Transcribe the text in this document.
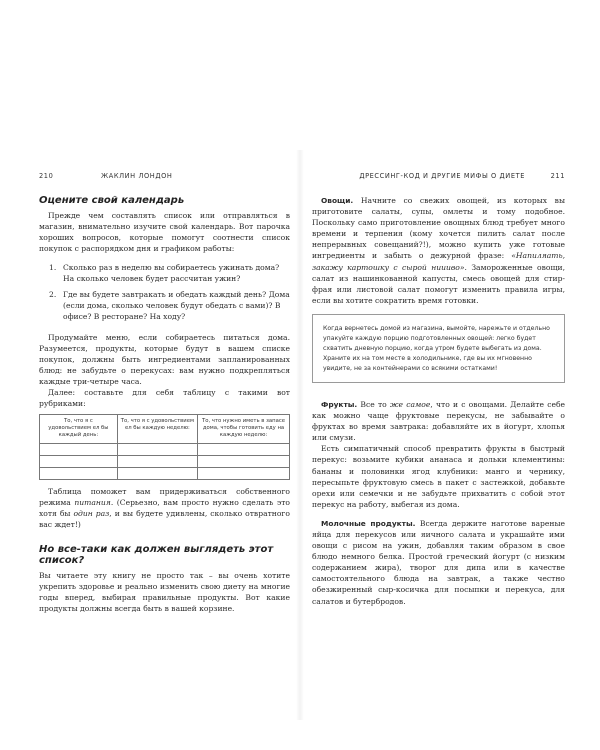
210	ЖАКЛИН ЛОНДОН
Оцените свой календарь

Прежде чем составлять список или отправляться в магазин, внимательно изучите свой календарь. Вот парочка хороших вопросов, которые помогут соотнести список покупок с распорядком дня и графиком работы:

1. Сколько раз в неделю вы собираетесь ужинать дома? На сколько человек будет рассчитан ужин?
2. Где вы будете завтракать и обедать каждый день? Дома (если дома, сколько человек будут обедать с вами)? В офисе? В ресторане? На ходу?

Продумайте меню, если собираетесь питаться дома. Разумеется, продукты, которые будут в вашем списке покупок, должны быть ингредиентами запланированных блюд: не забудьте о перекусах: вам нужно подкрепляться каждые три-четыре часа.

Далее: составьте для себя таблицу с такими вот рубриками:

То, что я с удовольствием ел бы каждый день:	То, что я с удовольствием ел бы каждую неделю:	То, что нужно иметь в запасе дома, чтобы готовить еду на каждую неделю:

Таблица поможет вам придерживаться собственного режима питания. (Серьезно, вам просто нужно сделать это хотя бы один раз, и вы будете удивлены, сколько отвратного вас ждет!)

Но все-таки как должен выглядеть этот список?

Вы читаете эту книгу не просто так – вы очень хотите укрепить здоровье и реально изменить свою диету на многие годы вперед, выбирая правильные продукты. Вот какие продукты должны всегда быть в вашей корзине.

ДРЕССИНГ-КОД И ДРУГИЕ МИФЫ О ДИЕТЕ	211

Овощи. Начните со свежих овощей, из которых вы приготовите салаты, супы, омлеты и тому подобное. Поскольку само приготовление овощных блюд требует много времени и терпения (кому хочется пилить салат после непрерывных совещаний?!), можно купить уже готовые ингредиенты и забыть о дежурной фразе: «Напиляать, закажу картошку с сырой ниииво». Замороженные овощи, салат из нашинкованной капусты, смесь овощей для стир-фрая или листовой салат помогут изменить правила игры, если вы хотите сократить время готовки.

Когда вернетесь домой из магазина, вымойте, нарежьте и отдельно упакуйте каждую порцию подготовленных овощей: легко будет схватить дневную порцию, когда утром будете выбегать из дома. Храните их на том месте в холодильнике, где вы их мгновенно увидите, не за контейнерами со всякими остатками!

Фрукты. Все то же самое, что и с овощами. Делайте себе как можно чаще фруктовые перекусы, не забывайте о фруктах во время завтрака: добавляйте их в йогурт, хлопья или смузи.

Есть симпатичный способ превратить фрукты в быстрый перекус: возьмите кубики ананаса и дольки клементины: бананы и половинки ягод клубники: манго и чернику, пересыпьте фруктовую смесь в пакет с застежкой, добавьте орехи или семечки и не забудьте прихватить с собой этот перекус на работу, выбегая из дома.

Молочные продукты. Всегда держите наготове вареные яйца для перекусов или яичного салата и украшайте ими овощи с рисом на ужин, добавляя таким образом в свое блюдо немного белка. Простой греческий йогурт (с низким содержанием жира), творог для дипа или в качестве самостоятельного блюда на завтрак, а также честно обезжиренный сыр-косичка для посыпки и перекуса, для салатов и бутербродов.
